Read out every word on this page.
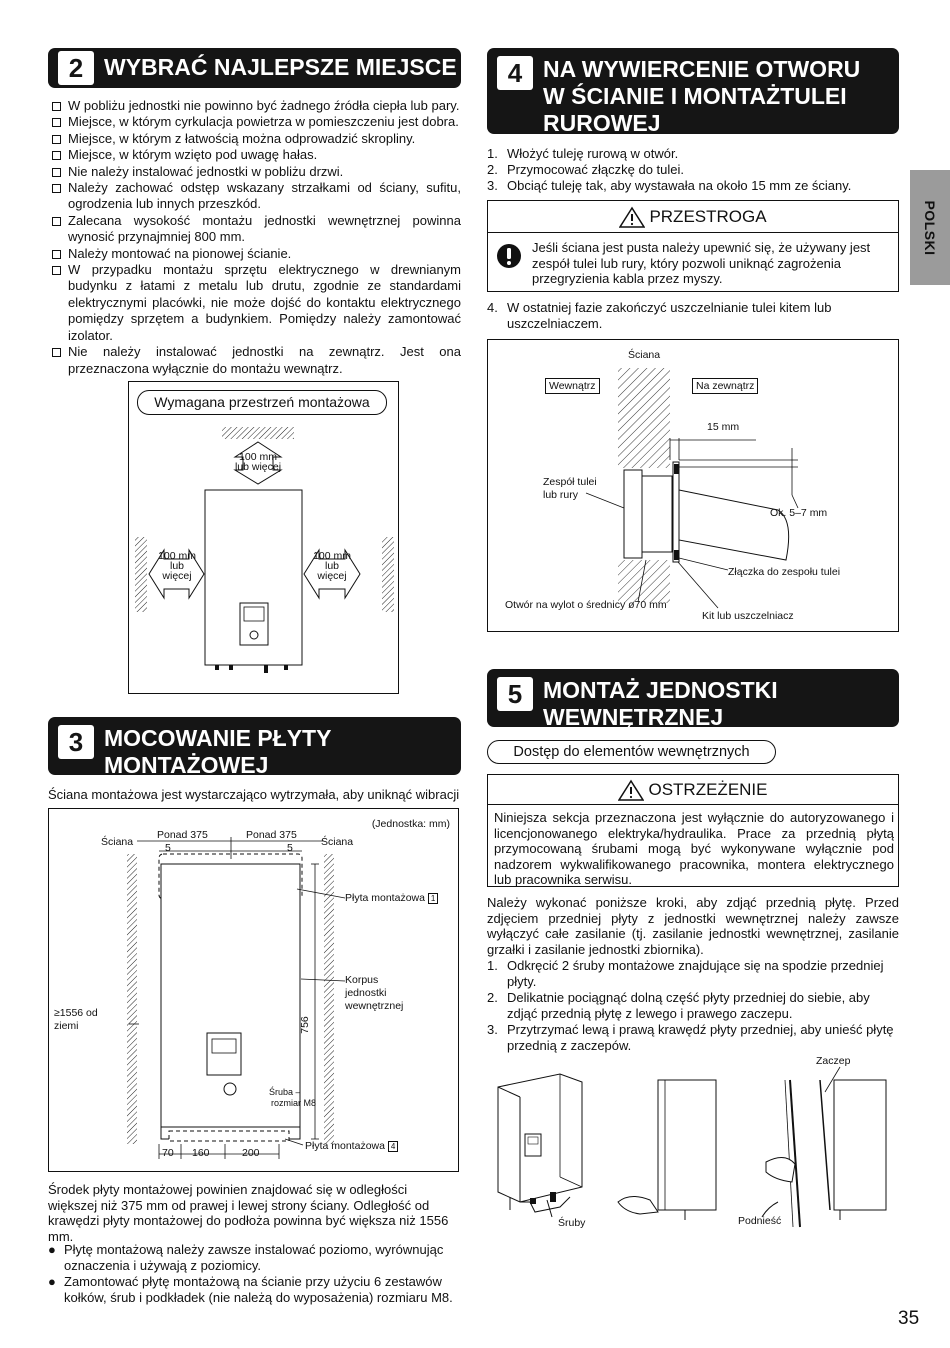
2 WYBRAĆ NAJLEPSZE MIEJSCE
W pobliżu jednostki nie powinno być żadnego źródła ciepła lub pary.
Miejsce, w którym cyrkulacja powietrza w pomieszczeniu jest dobra.
Miejsce, w którym z łatwością można odprowadzić skropliny.
Miejsce, w którym wzięto pod uwagę hałas.
Nie należy instalować jednostki w pobliżu drzwi.
Należy zachować odstęp wskazany strzałkami od ściany, sufitu, ogrodzenia lub innych przeszkód.
Zalecana wysokość montażu jednostki wewnętrznej powinna wynosić przynajmniej 800 mm.
Należy montować na pionowej ścianie.
W przypadku montażu sprzętu elektrycznego w drewnianym budynku z łatami z metalu lub drutu, zgodnie ze standardami elektrycznymi placówki, nie może dojść do kontaktu elektrycznego pomiędzy sprzętem a budynkiem. Pomiędzy należy zamontować izolator.
Nie należy instalować jednostki na zewnątrz. Jest ona przeznaczona wyłącznie do montażu wewnątrz.
Wymagana przestrzeń montażowa
100 mm
lub więcej
100 mm
lub
więcej
100 mm
lub
więcej
3 MOCOWANIE PŁYTY
MONTAŻOWEJ
Ściana montażowa jest wystarczająco wytrzymała, aby uniknąć wibracji
(Jednostka: mm)
Ściana	Ściana
Ponad 375	Ponad 375
5	5
Płyta montażowa 1
Korpus
jednostki
wewnętrznej
≥1556 od
ziemi	756
Śruba –
rozmiar M8
Płyta montażowa 4
70 160	200
Środek płyty montażowej powinien znajdować się w odległości większej niż 375 mm od prawej i lewej strony ściany. Odległość od krawędzi płyty montażowej do podłoża powinna być większa niż 1556 mm.
● Płytę montażową należy zawsze instalować poziomo, wyrównując oznaczenia i używają z poziomicy.
● Zamontować płytę montażową na ścianie przy użyciu 6 zestawów kołków, śrub i podkładek (nie należą do wyposażenia) rozmiaru M8.
4 NA WYWIERCENIE OTWORU
W ŚCIANIE I MONTAŻTULEI
RUROWEJ
1. Włożyć tuleję rurową w otwór.
2. Przymocować złączkę do tulei.
3. Obciąć tuleję tak, aby wystawała na około 15 mm ze ściany.
PRZESTROGA
Jeśli ściana jest pusta należy upewnić się, że używany jest zespół tulei lub rury, który pozwoli uniknąć zagrożenia przegryzienia kabla przez myszy.
4. W ostatniej fazie zakończyć uszczelnianie tulei kitem lub uszczelniaczem.
Ściana
Wewnątrz	Na zewnątrz
15 mm
Zespół tulei
lub rury
Ok. 5–7 mm
Złączka do zespołu tulei
Otwór na wylot o średnicy ø70 mm
Kit lub uszczelniacz
5 MONTAŻ JEDNOSTKI
WEWNĘTRZNEJ
Dostęp do elementów wewnętrznych
OSTRZEŻENIE
Niniejsza sekcja przeznaczona jest wyłącznie do autoryzowanego i licencjonowanego elektryka/hydraulika. Prace za przednią płytą przymocowaną śrubami mogą być wykonywane wyłącznie pod nadzorem wykwalifikowanego pracownika, montera elektrycznego lub pracownika serwisu.
Należy wykonać poniższe kroki, aby zdjąć przednią płytę. Przed zdjęciem przedniej płyty z jednostki wewnętrznej należy zawsze wyłączyć całe zasilanie (tj. zasilanie jednostki wewnętrznej, zasilanie grzałki i zasilanie jednostki zbiornika).
1. Odkręcić 2 śruby montażowe znajdujące się na spodzie przedniej płyty.
2. Delikatnie pociągnąć dolną część płyty przedniej do siebie, aby zdjąć przednią płytę z lewego i prawego zaczepu.
3. Przytrzymać lewą i prawą krawędź płyty przedniej, aby unieść płytę przednią z zaczepów.
Śruby	Podnieść
Zaczep
POLSKI
35
